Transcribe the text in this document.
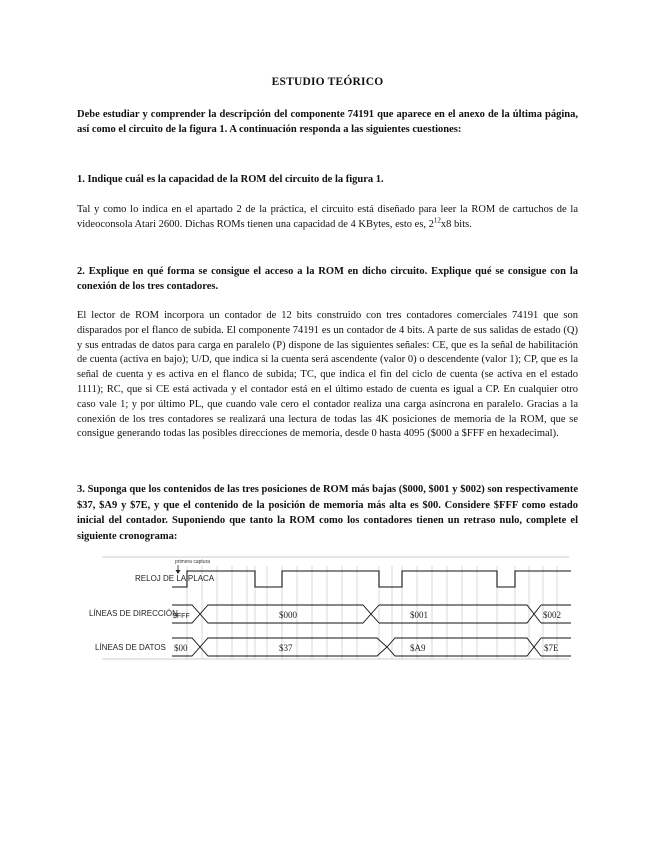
ESTUDIO TEÓRICO
Debe estudiar y comprender la descripción del componente 74191 que aparece en el anexo de la última página, así como el circuito de la figura 1. A continuación responda a las siguientes cuestiones:
1. Indique cuál es la capacidad de la ROM del circuito de la figura 1.
Tal y como lo indica en el apartado 2 de la práctica, el circuito está diseñado para leer la ROM de cartuchos de la videoconsola Atari 2600. Dichas ROMs tienen una capacidad de 4 KBytes, esto es, $2^{12}x8$ bits.
2. Explique en qué forma se consigue el acceso a la ROM en dicho circuito. Explique qué se consigue con la conexión de los tres contadores.
El lector de ROM incorpora un contador de 12 bits construido con tres contadores comerciales 74191 que son disparados por el flanco de subida. El componente 74191 es un contador de 4 bits. A parte de sus salidas de estado (Q) y sus entradas de datos para carga en paralelo (P) dispone de las siguientes señales: CE, que es la señal de habilitación de cuenta (activa en bajo); U/D, que indica si la cuenta será ascendente (valor 0) o descendente (valor 1); CP, que es la señal de cuenta y es activa en el flanco de subida; TC, que indica el fin del ciclo de cuenta (se activa en el estado 1111); RC, que si CE está activada y el contador está en el último estado de cuenta es igual a CP. En cualquier otro caso vale 1; y por último PL, que cuando vale cero el contador realiza una carga asíncrona en paralelo. Gracias a la conexión de los tres contadores se realizará una lectura de todas las 4K posiciones de memoria de la ROM, que se consigue generando todas las posibles direcciones de memoria, desde 0 hasta 4095 ($000 a $FFF en hexadecimal).
3. Suponga que los contenidos de las tres posiciones de ROM más bajas ($000, $001 y $002) son respectivamente $37, $A9 y $7E, y que el contenido de la posición de memoria más alta es $00. Considere $FFF como estado inicial del contador. Suponiendo que tanto la ROM como los contadores tienen un retraso nulo, complete el siguiente cronograma:
primera captura
RELOJ DE LA PLACA
LÍNEAS DE DIRECCIÓN
LÍNEAS DE DATOS
$FFF	$000	$001	$002
$00	$37	$A9	$7E
